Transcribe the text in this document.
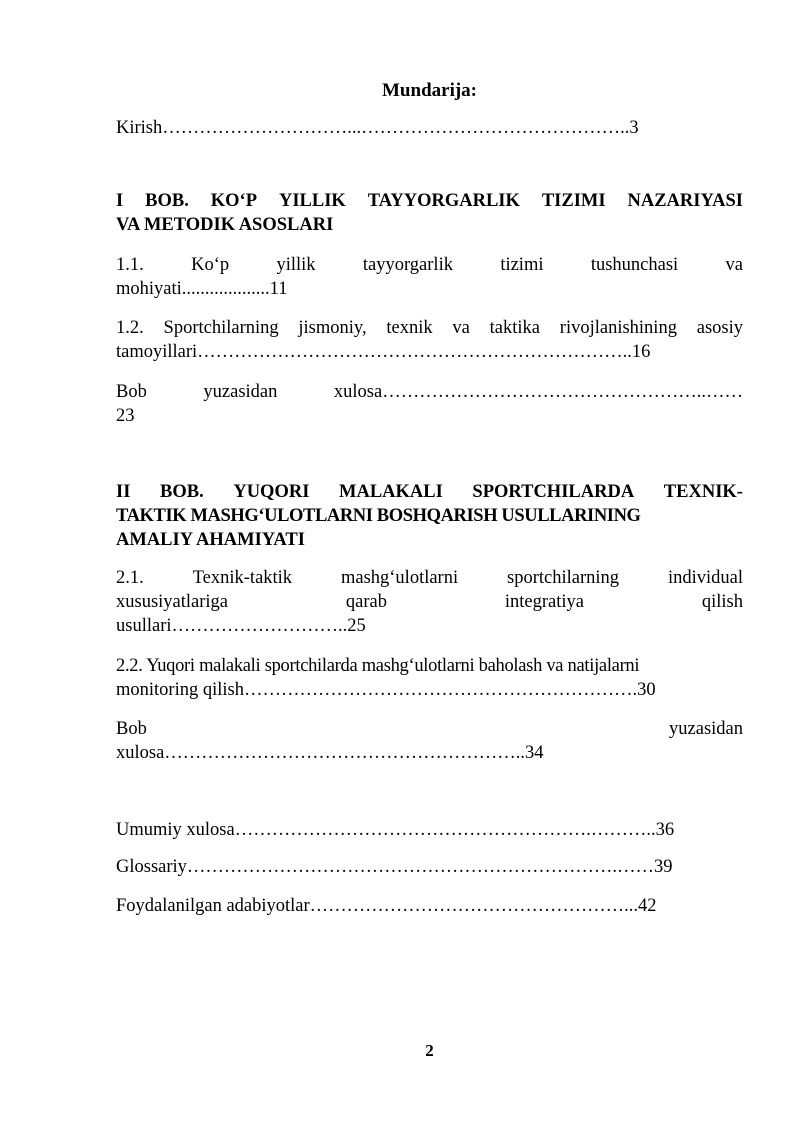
Mundarija:
Kirish…………………………...……………………………………..3
I BOB. KO‘P YILLIK TAYYORGARLIK TIZIMI NAZARIYASI
VA METODIK ASOSLARI
1.1.	Ko‘p	yillik	tayyorgarlik	tizimi	tushunchasi	va
mohiyati...................11
1.2. Sportchilarning jismoniy, texnik va taktika rivojlanishining asosiy
tamoyillari……………………………………………………………..16
Bob	yuzasidan	xulosa……………………………………………..……
23
II BOB. YUQORI MALAKALI SPORTCHILARDA TEXNIK-
TAKTIK MASHG‘ULOTLARNI BOSHQARISH USULLARINING
AMALIY AHAMIYATI
2.1.	Texnik-taktik	mashg‘ulotlarni	sportchilarning	individual
xususiyatlariga	qarab	integratiya	qilish
usullari………………………..25
2.2. Yuqori malakali sportchilarda mashg‘ulotlarni baholash va natijalarni
monitoring qilish……………………………………………………….30
Bob	yuzasidan
xulosa…………………………………………………..34
Umumiy xulosa………………………………………………….………..36
Glossariy…………………………………………………………….……39
Foydalanilgan adabiyotlar……………………………………………...42
2
